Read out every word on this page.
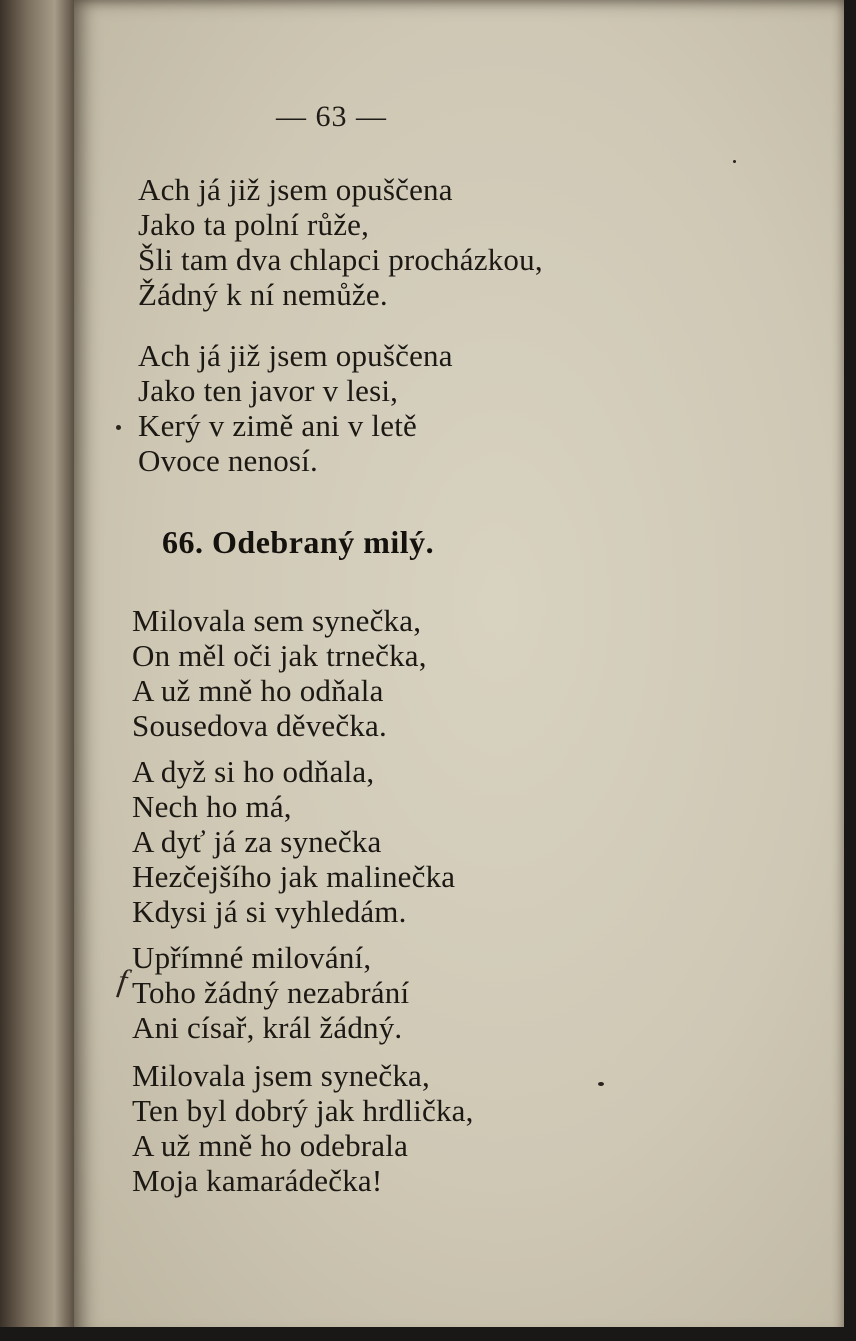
— 63 —
Ach já již jsem opuščena
Jako ta polní růže,
Šli tam dva chlapci procházkou,
Žádný k ní nemůže.
Ach já již jsem opuščena
Jako ten javor v lesi,
Kerý v zimě ani v letě
Ovoce nenosí.
66. Odebraný milý.
Milovala sem synečka,
On měl oči jak trnečka,
A už mně ho odňala
Sousedova děvečka.
A dyž si ho odňala,
Nech ho má,
A dyť já za synečka
Hezčejšího jak malinečka
Kdysi já si vyhledám.
Upřímné milování,
Toho žádný nezabrání
Ani císař, král žádný.
f
Milovala jsem synečka,
Ten byl dobrý jak hrdlička,
A už mně ho odebrala
Moja kamarádečka!
